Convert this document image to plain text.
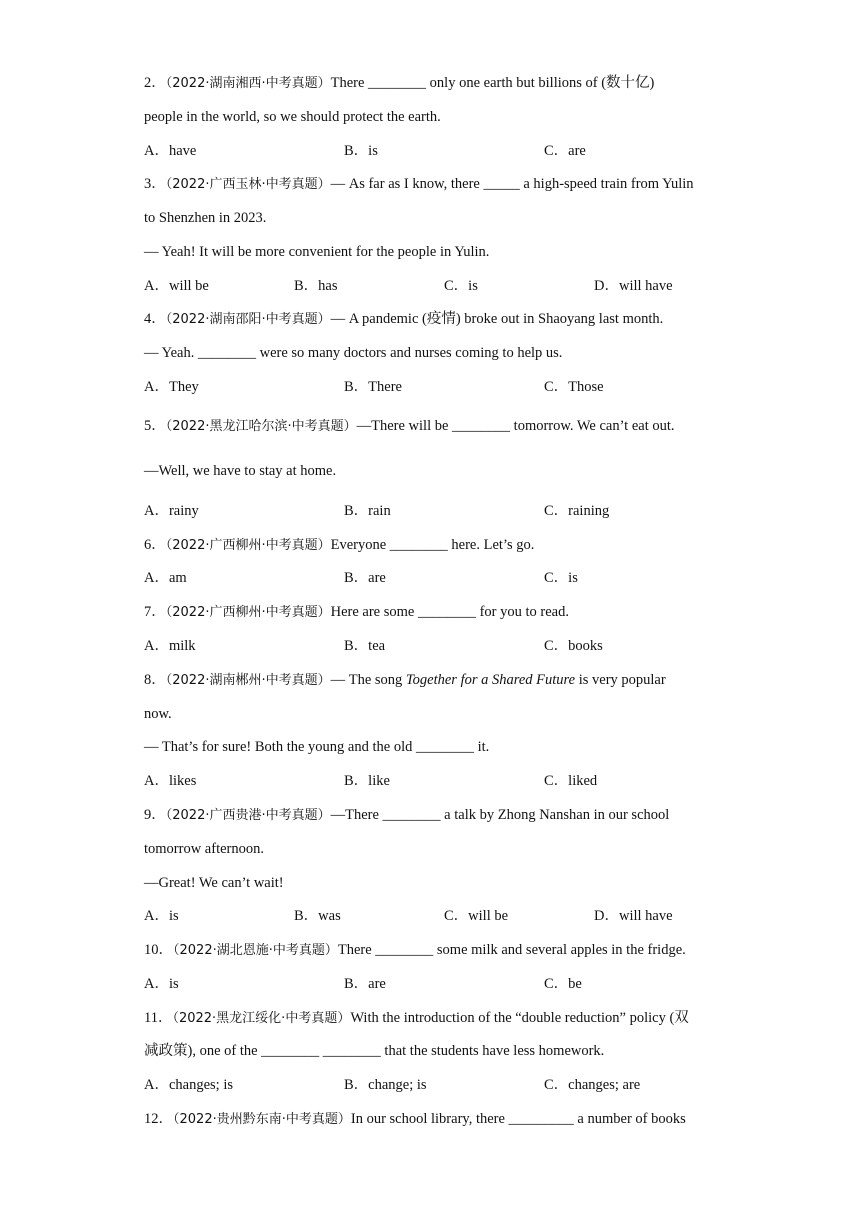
2．（2022·湖南湘西·中考真题）There ________ only one earth but billions of (数十亿)
people in the world, so we should protect the earth.
A．have	B．is	C．are
3．（2022·广西玉林·中考真题）— As far as I know, there _____ a high-speed train from Yulin
to Shenzhen in 2023.
— Yeah! It will be more convenient for the people in Yulin.
A．will be	B．has	C．is	D．will have
4．（2022·湖南邵阳·中考真题）— A pandemic (疫情) broke out in Shaoyang last month.
— Yeah. ________ were so many doctors and nurses coming to help us.
A．They	B．There	C．Those
5．（2022·黑龙江哈尔滨·中考真题）—There will be ________ tomorrow. We can’t eat out.
—Well, we have to stay at home.
A．rainy	B．rain	C．raining
6．（2022·广西柳州·中考真题）Everyone ________ here. Let’s go.
A．am	B．are	C．is
7．（2022·广西柳州·中考真题）Here are some ________ for you to read.
A．milk	B．tea	C．books
8．（2022·湖南郴州·中考真题）— The song Together for a Shared Future is very popular
now.
— That’s for sure! Both the young and the old ________ it.
A．likes	B．like	C．liked
9．（2022·广西贵港·中考真题）—There ________ a talk by Zhong Nanshan in our school
tomorrow afternoon.
—Great! We can’t wait!
A．is	B．was	C．will be	D．will have
10．（2022·湖北恩施·中考真题）There ________ some milk and several apples in the fridge.
A．is	B．are	C．be
11．（2022·黑龙江绥化·中考真题）With the introduction of the “double reduction” policy (双
减政策), one of the ________ ________ that the students have less homework.
A．changes; is	B．change; is	C．changes; are
12．（2022·贵州黔东南·中考真题）In our school library, there _________ a number of books
